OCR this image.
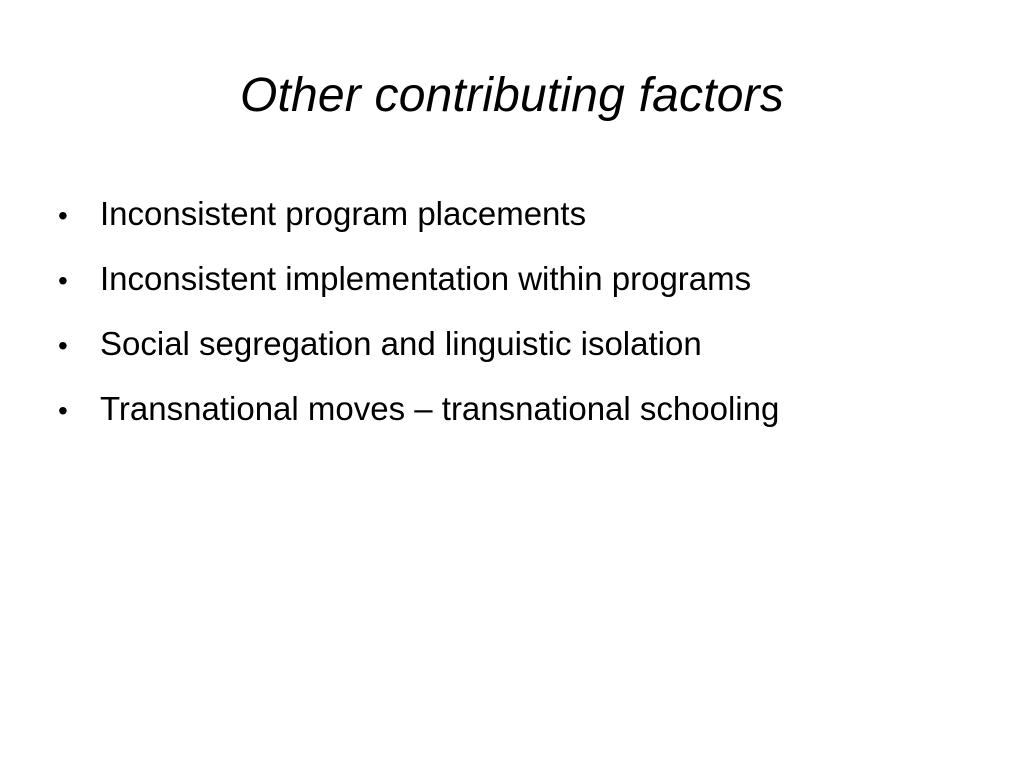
Other contributing factors
• Inconsistent program placements
• Inconsistent implementation within programs
• Social segregation and linguistic isolation
• Transnational moves – transnational schooling
